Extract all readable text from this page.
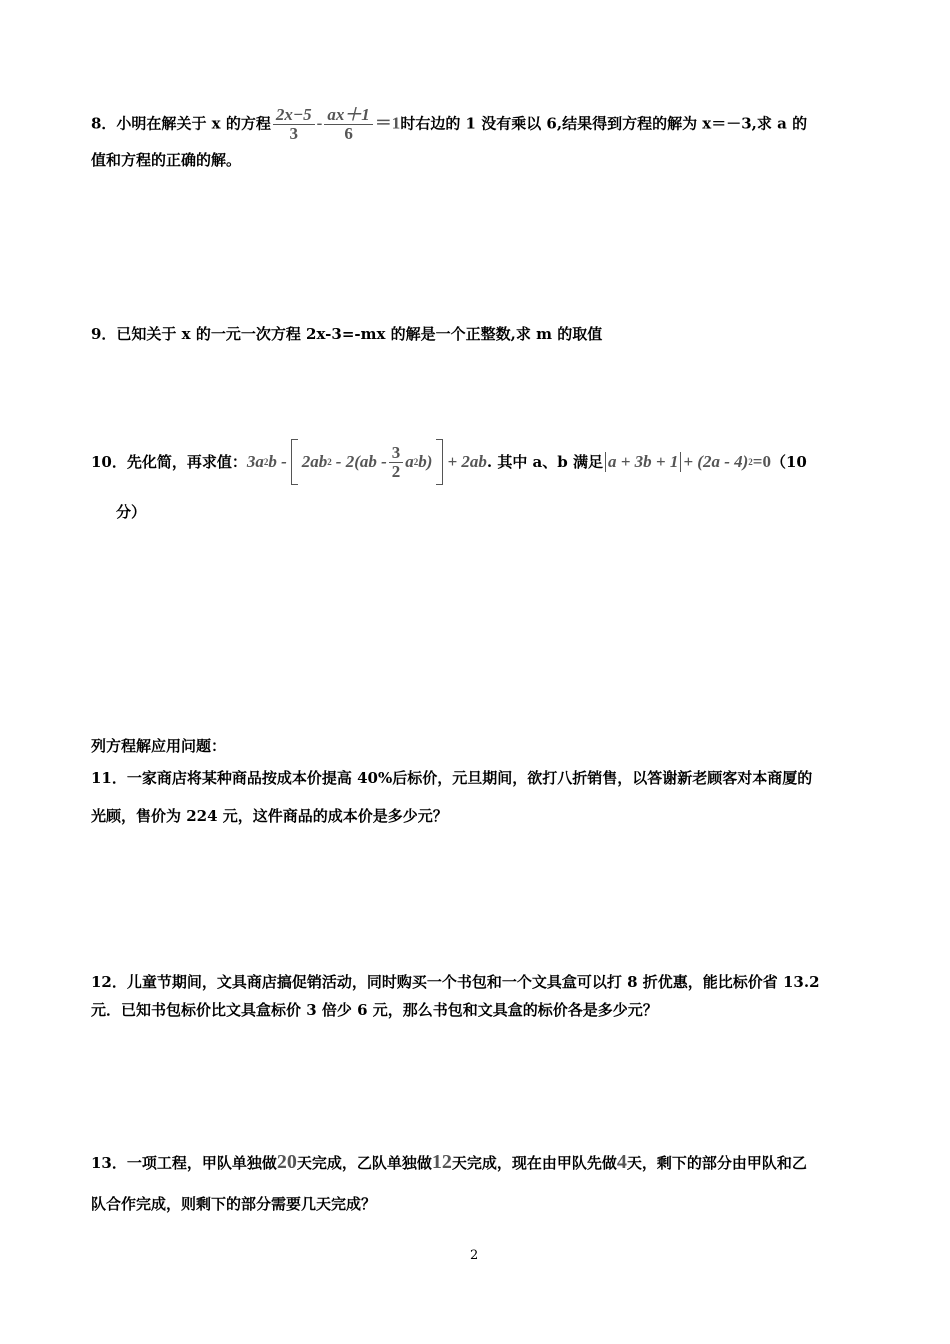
8．小明在解关于 x 的方程 $\frac{2x-5}{3} - \frac{ax+1}{6} =1$时右边的 1 没有乘以 6,结果得到方程的解为 x＝－3,求 a 的
值和方程的正确的解。
9．已知关于 x 的一元一次方程 2x-3=-mx 的解是一个正整数,求 m 的取值
10．先化简，再求值： 3a 2 b - 2ab $2 - 2(ab - \frac{3}{2}$ a 2 b) + 2ab . 其中 a、b 满足 a + 3b + 1 + (2a - 4) 2 =0 （10
分）
列方程解应用问题：
11．一家商店将某种商品按成本价提高 40%后标价，元旦期间，欲打八折销售，以答谢新老顾客对本商厦的
光顾，售价为 224 元，这件商品的成本价是多少元？
12．儿童节期间，文具商店搞促销活动，同时购买一个书包和一个文具盒可以打 8 折优惠，能比标价省 13.2
元．已知书包标价比文具盒标价 3 倍少 6 元，那么书包和文具盒的标价各是多少元？
13．一项工程，甲队单独做20天完成，乙队单独做12天完成，现在由甲队先做4天，剩下的部分由甲队和乙
队合作完成，则剩下的部分需要几天完成？
2
